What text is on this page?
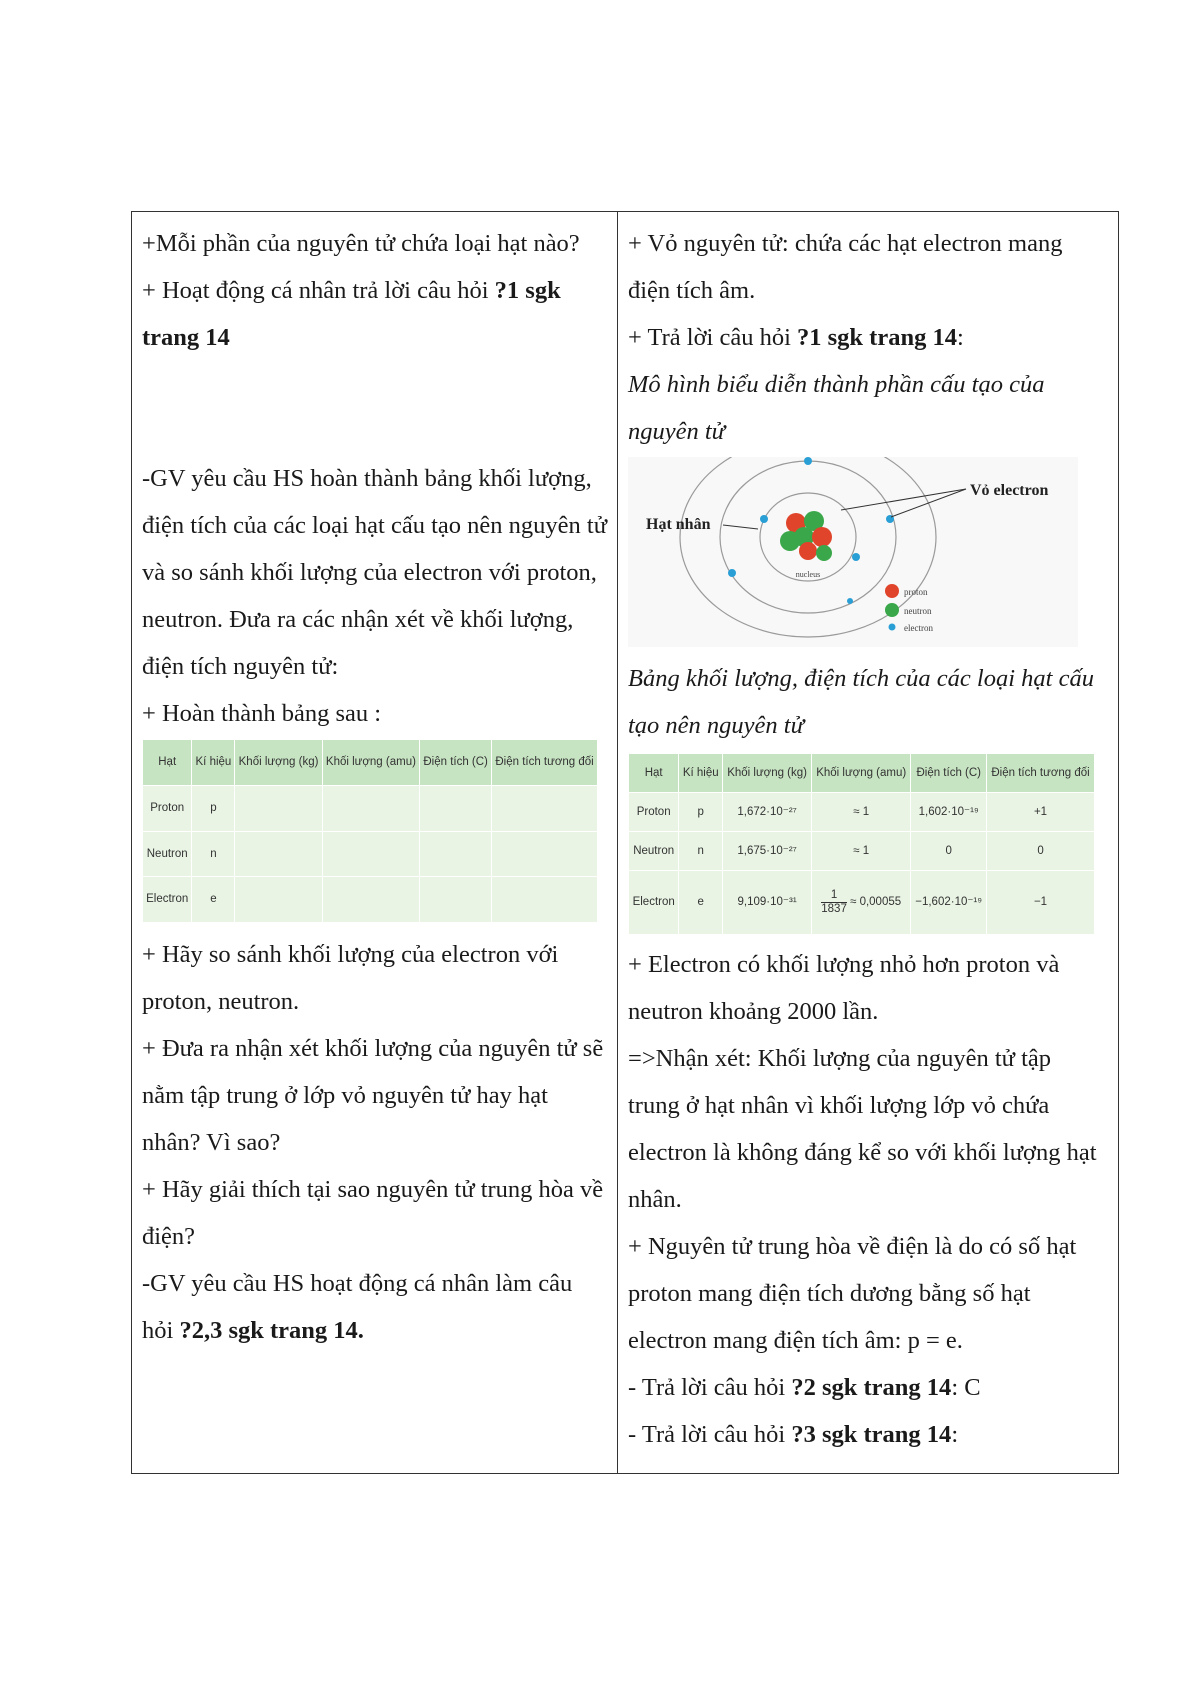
+Mỗi phần của nguyên tử chứa loại hạt nào?

+ Hoạt động cá nhân trả lời câu hỏi ?1 sgk trang 14

-GV yêu cầu HS hoàn thành bảng khối lượng, điện tích của các loại hạt cấu tạo nên nguyên tử và so sánh khối lượng của electron với proton, neutron. Đưa ra các nhận xét về khối lượng, điện tích nguyên tử:

+ Hoàn thành bảng sau :

Hạt	Kí hiệu	Khối lượng (kg)	Khối lượng (amu)	Điện tích (C)	Điện tích tương đối
Proton	p				
Neutron	n				
Electron	e				

+ Hãy so sánh khối lượng của electron với proton, neutron.

+ Đưa ra nhận xét khối lượng của nguyên tử sẽ nằm tập trung ở lớp vỏ nguyên tử hay hạt nhân? Vì sao?

+ Hãy giải thích tại sao nguyên tử trung hòa về điện?

-GV yêu cầu HS hoạt động cá nhân làm câu hỏi ?2,3 sgk trang 14.

+ Vỏ nguyên tử: chứa các hạt electron mang điện tích âm.

+ Trả lời câu hỏi ?1 sgk trang 14:

Mô hình biểu diễn thành phần cấu tạo của nguyên tử

nucleus
Hạt nhân
Vỏ electron
proton
neutron
electron

Bảng khối lượng, điện tích của các loại hạt cấu tạo nên nguyên tử

Hạt	Kí hiệu	Khối lượng (kg)	Khối lượng (amu)	Điện tích (C)	Điện tích tương đối
Proton	p	1,672·10⁻²⁷	≈ 1	1,602·10⁻¹⁹	+1
Neutron	n	1,675·10⁻²⁷	≈ 1	0	0
Electron	e	9,109·10⁻³¹	$\frac{1}{1837} \approx 0,00055$	−1,602·10⁻¹⁹	−1

+ Electron có khối lượng nhỏ hơn proton và neutron khoảng 2000 lần.

=>Nhận xét: Khối lượng của nguyên tử tập trung ở hạt nhân vì khối lượng lớp vỏ chứa electron là không đáng kể so với khối lượng hạt nhân.

+ Nguyên tử trung hòa về điện là do có số hạt proton mang điện tích dương bằng số hạt electron mang điện tích âm: p = e.

- Trả lời câu hỏi ?2 sgk trang 14: C

- Trả lời câu hỏi ?3 sgk trang 14:
